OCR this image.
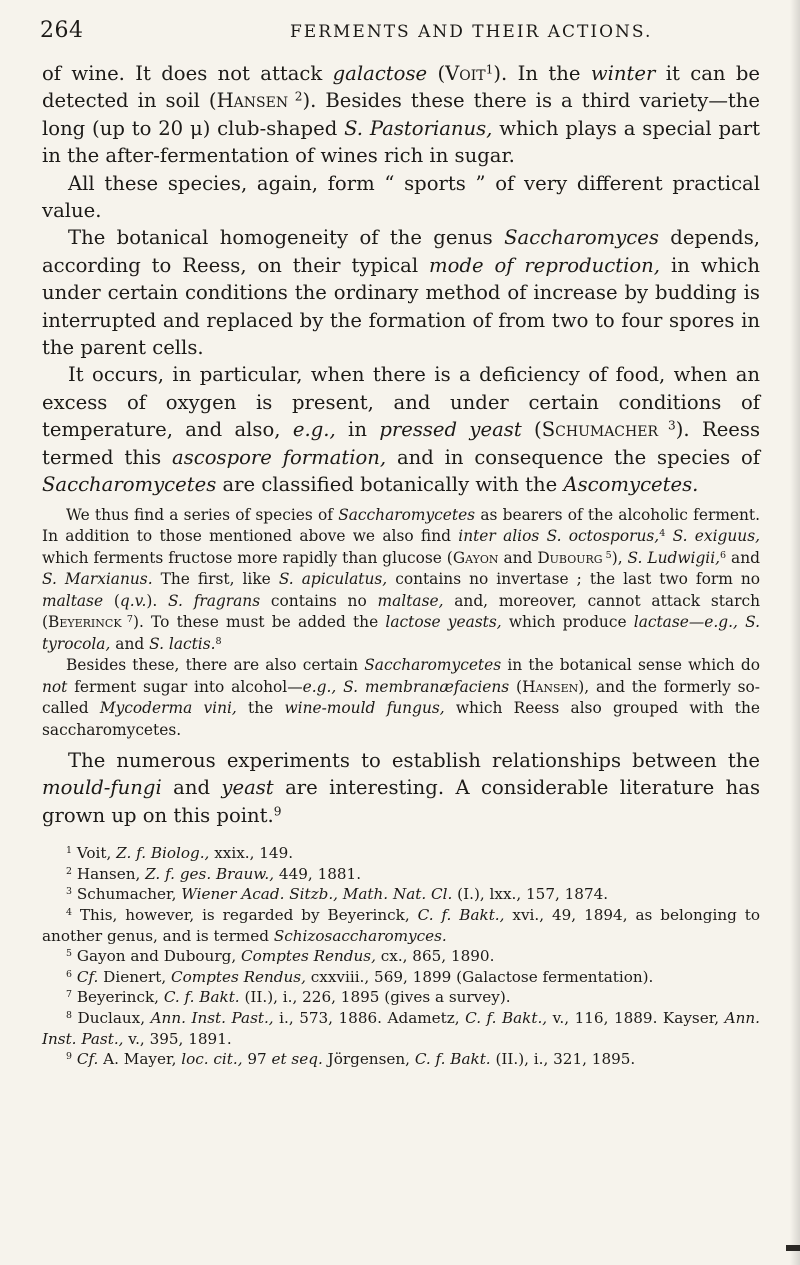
264	FERMENTS AND THEIR ACTIONS.

of wine. It does not attack galactose (Voit$^1$). In the winter it can be detected in soil (Hansen $^2$). Besides these there is a third variety—the long (up to 20 μ) club-shaped S. Pastorianus, which plays a special part in the after-fermentation of wines rich in sugar.

All these species, again, form “ sports ” of very different practical value.

The botanical homogeneity of the genus Saccharomyces depends, according to Reess, on their typical mode of reproduction, in which under certain conditions the ordinary method of increase by budding is interrupted and replaced by the formation of from two to four spores in the parent cells.

It occurs, in particular, when there is a deficiency of food, when an excess of oxygen is present, and under certain conditions of temperature, and also, e.g., in pressed yeast (Schumacher $^3$). Reess termed this ascospore formation, and in consequence the species of Saccharomycetes are classified botanically with the Ascomycetes.

We thus find a series of species of Saccharomycetes as bearers of the alcoholic ferment. In addition to those mentioned above we also find inter alios S. octosporus,$^4$ S. exiguus, which ferments fructose more rapidly than glucose (Gayon and Dubourg $^5$), S. Ludwigii,$^6$ and S. Marxianus. The first, like S. apiculatus, contains no invertase ; the last two form no maltase (q.v.). S. fragrans contains no maltase, and, moreover, cannot attack starch (Beyerinck $^7$). To these must be added the lactose yeasts, which produce lactase—e.g., S. tyrocola, and S. lactis.$^8$

Besides these, there are also certain Saccharomycetes in the botanical sense which do not ferment sugar into alcohol—e.g., S. membranæfaciens (Hansen), and the formerly so-called Mycoderma vini, the wine-mould fungus, which Reess also grouped with the saccharomycetes.

The numerous experiments to establish relationships between the mould-fungi and yeast are interesting. A considerable literature has grown up on this point.$^9$

$^1$ Voit, Z. f. Biolog., xxix., 149.

$^2$ Hansen, Z. f. ges. Brauw., 449, 1881.

$^3$ Schumacher, Wiener Acad. Sitzb., Math. Nat. Cl. (I.), lxx., 157, 1874.

$^4$ This, however, is regarded by Beyerinck, C. f. Bakt., xvi., 49, 1894, as belonging to another genus, and is termed Schizosaccharomyces.

$^5$ Gayon and Dubourg, Comptes Rendus, cx., 865, 1890.

$^6$ Cf. Dienert, Comptes Rendus, cxxviii., 569, 1899 (Galactose fermentation).

$^7$ Beyerinck, C. f. Bakt. (II.), i., 226, 1895 (gives a survey).

$^8$ Duclaux, Ann. Inst. Past., i., 573, 1886. Adametz, C. f. Bakt., v., 116, 1889. Kayser, Ann. Inst. Past., v., 395, 1891.

$^9$ Cf. A. Mayer, loc. cit., 97 et seq. Jörgensen, C. f. Bakt. (II.), i., 321, 1895.
